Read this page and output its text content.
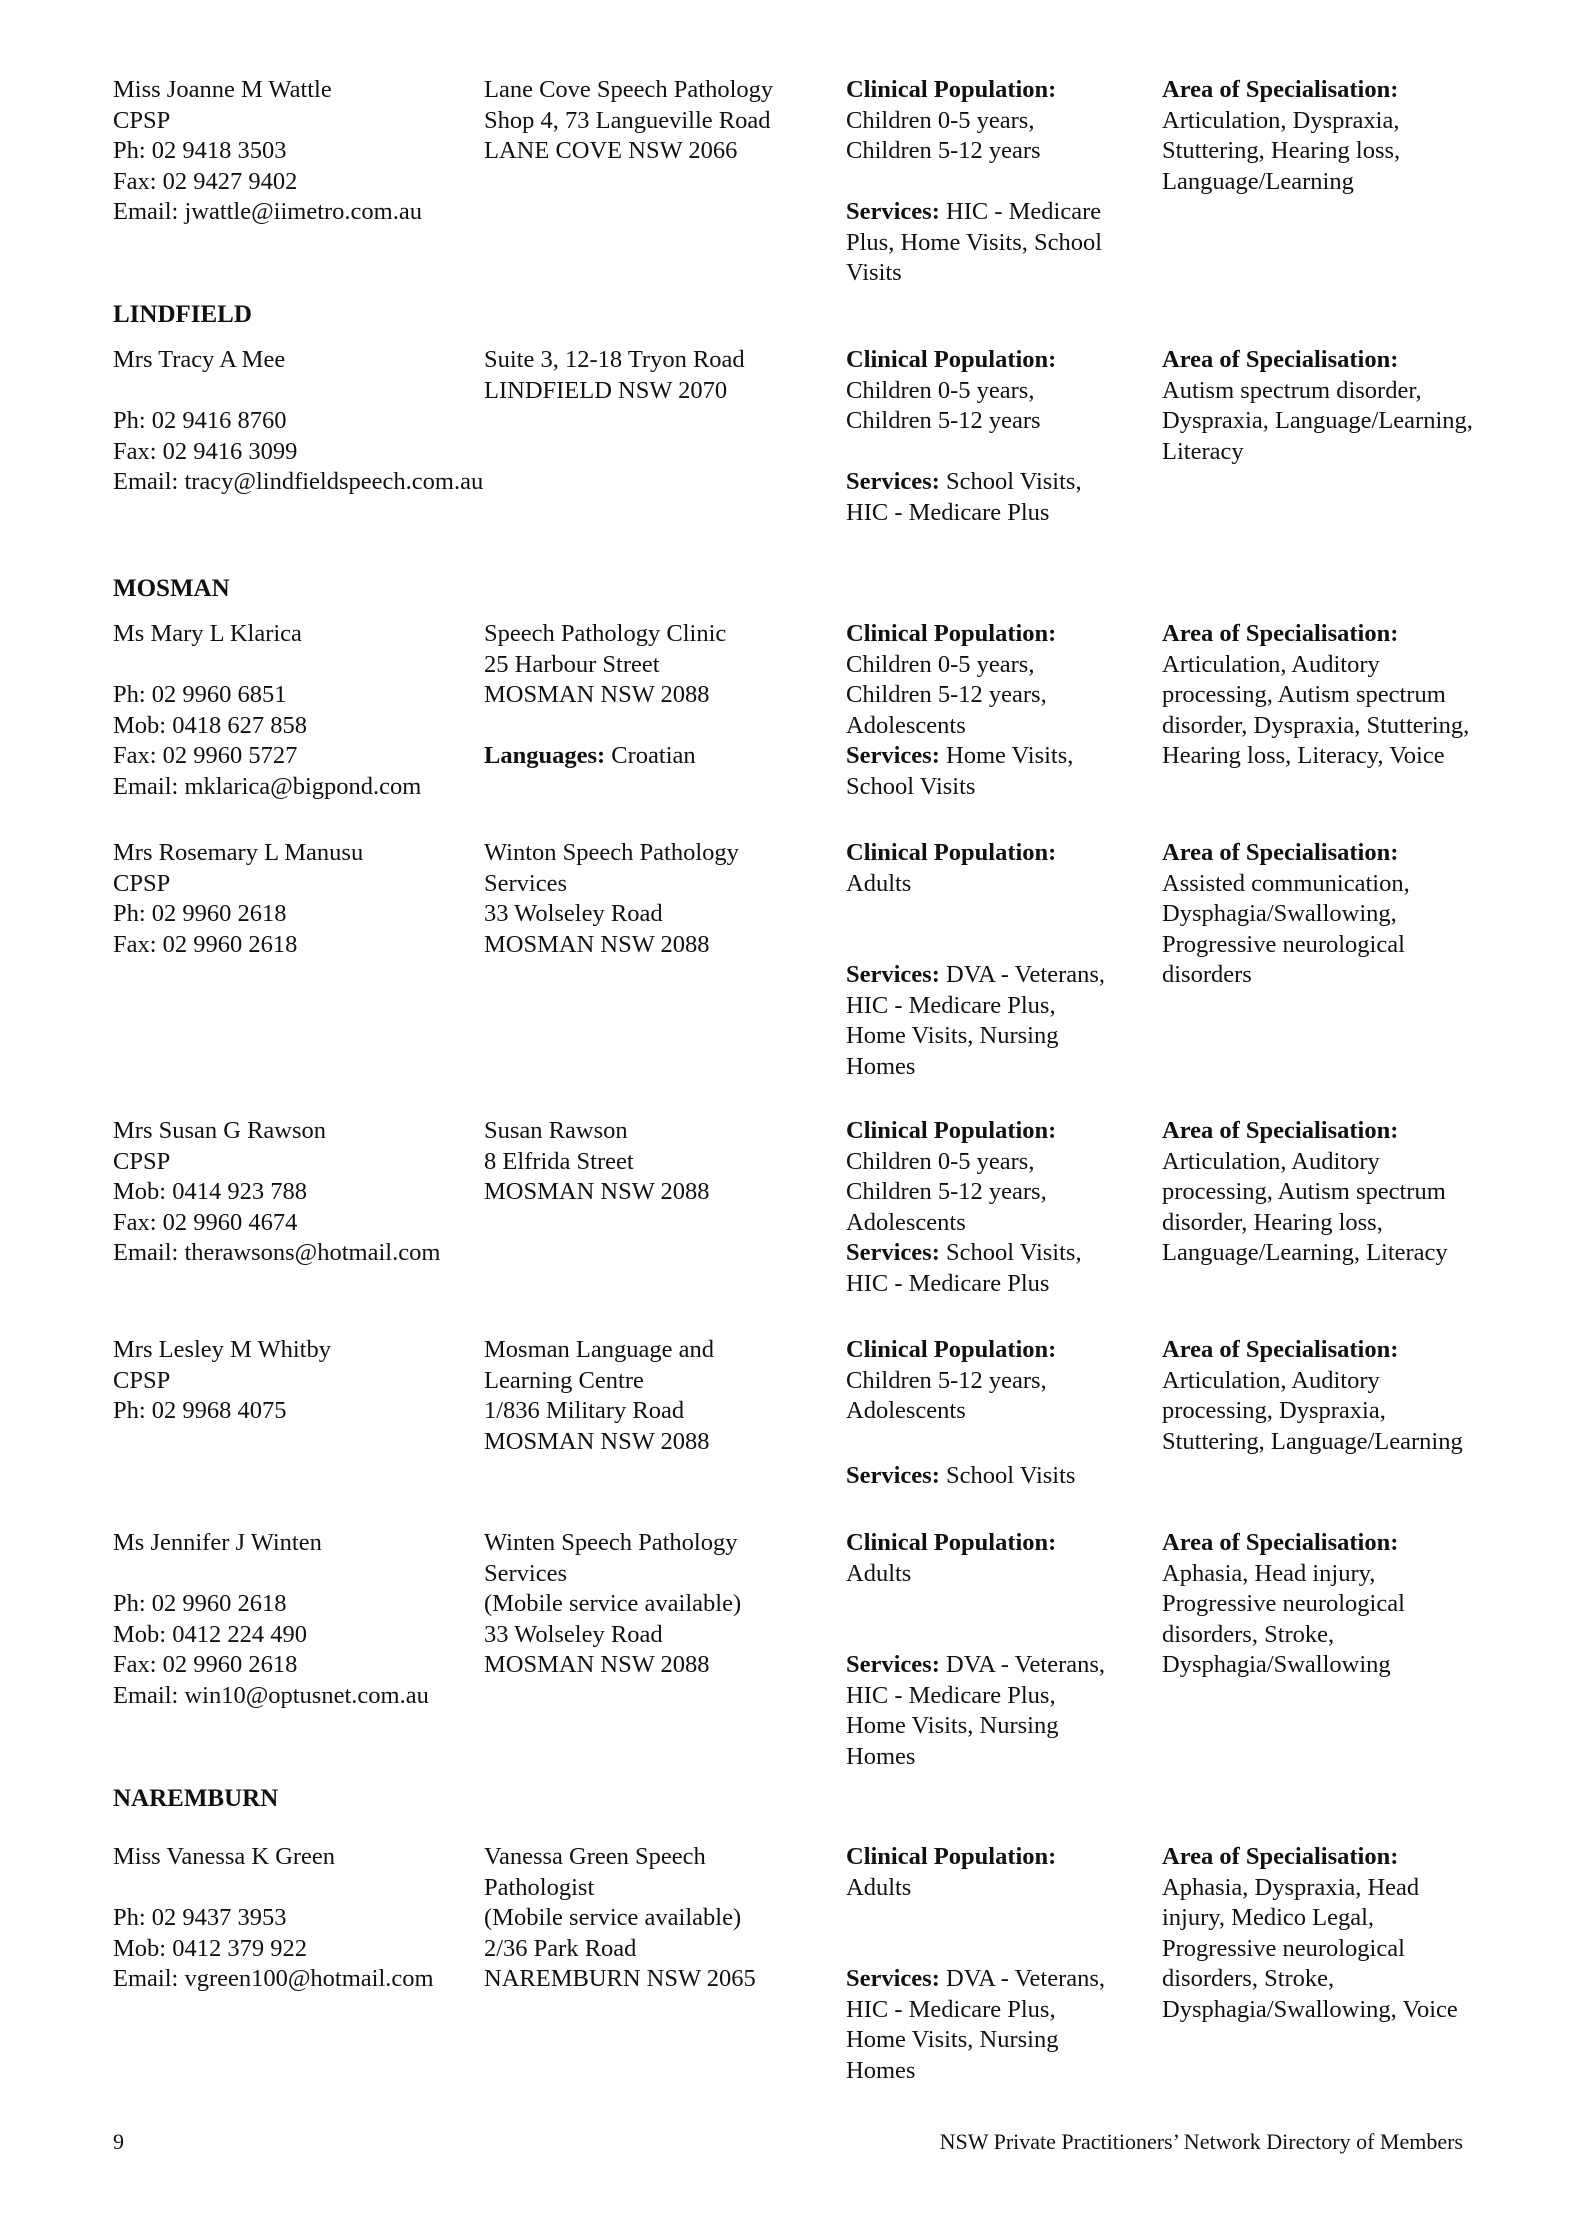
Miss Joanne M Wattle
CPSP
Ph: 02 9418 3503
Fax: 02 9427 9402
Email: jwattle@iimetro.com.au
Lane Cove Speech Pathology
Shop 4, 73 Langueville Road
LANE COVE NSW 2066
Clinical Population:
Children 0-5 years,
Children 5-12 years
Services: HIC - Medicare
Plus, Home Visits, School
Visits
Area of Specialisation:
Articulation, Dyspraxia,
Stuttering, Hearing loss,
Language/Learning
LINDFIELD
Mrs Tracy A Mee
Ph: 02 9416 8760
Fax: 02 9416 3099
Email: tracy@lindfieldspeech.com.au
Suite 3, 12-18 Tryon Road
LINDFIELD NSW 2070
Clinical Population:
Children 0-5 years,
Children 5-12 years
Services: School Visits,
HIC - Medicare Plus
Area of Specialisation:
Autism spectrum disorder,
Dyspraxia, Language/Learning,
Literacy
MOSMAN
Ms Mary L Klarica
Ph: 02 9960 6851
Mob: 0418 627 858
Fax: 02 9960 5727
Email: mklarica@bigpond.com
Speech Pathology Clinic
25 Harbour Street
MOSMAN NSW 2088
Languages: Croatian
Clinical Population:
Children 0-5 years,
Children 5-12 years,
Adolescents
Services: Home Visits,
School Visits
Area of Specialisation:
Articulation, Auditory
processing, Autism spectrum
disorder, Dyspraxia, Stuttering,
Hearing loss, Literacy, Voice
Mrs Rosemary L Manusu
CPSP
Ph: 02 9960 2618
Fax: 02 9960 2618
Winton Speech Pathology
Services
33 Wolseley Road
MOSMAN NSW 2088
Clinical Population:
Adults
Services: DVA - Veterans,
HIC - Medicare Plus,
Home Visits, Nursing
Homes
Area of Specialisation:
Assisted communication,
Dysphagia/Swallowing,
Progressive neurological
disorders
Mrs Susan G Rawson
CPSP
Mob: 0414 923 788
Fax: 02 9960 4674
Email: therawsons@hotmail.com
Susan Rawson
8 Elfrida Street
MOSMAN NSW 2088
Clinical Population:
Children 0-5 years,
Children 5-12 years,
Adolescents
Services: School Visits,
HIC - Medicare Plus
Area of Specialisation:
Articulation, Auditory
processing, Autism spectrum
disorder, Hearing loss,
Language/Learning, Literacy
Mrs Lesley M Whitby
CPSP
Ph: 02 9968 4075
Mosman Language and
Learning Centre
1/836 Military Road
MOSMAN NSW 2088
Clinical Population:
Children 5-12 years,
Adolescents
Services: School Visits
Area of Specialisation:
Articulation, Auditory
processing, Dyspraxia,
Stuttering, Language/Learning
Ms Jennifer J Winten
Ph: 02 9960 2618
Mob: 0412 224 490
Fax: 02 9960 2618
Email: win10@optusnet.com.au
Winten Speech Pathology
Services
(Mobile service available)
33 Wolseley Road
MOSMAN NSW 2088
Clinical Population:
Adults
Services: DVA - Veterans,
HIC - Medicare Plus,
Home Visits, Nursing
Homes
Area of Specialisation:
Aphasia, Head injury,
Progressive neurological
disorders, Stroke,
Dysphagia/Swallowing
NAREMBURN
Miss Vanessa K Green
Ph: 02 9437 3953
Mob: 0412 379 922
Email: vgreen100@hotmail.com
Vanessa Green Speech
Pathologist
(Mobile service available)
2/36 Park Road
NAREMBURN NSW 2065
Clinical Population:
Adults
Services: DVA - Veterans,
HIC - Medicare Plus,
Home Visits, Nursing
Homes
Area of Specialisation:
Aphasia, Dyspraxia, Head
injury, Medico Legal,
Progressive neurological
disorders, Stroke,
Dysphagia/Swallowing, Voice
9	NSW Private Practitioners’ Network Directory of Members
